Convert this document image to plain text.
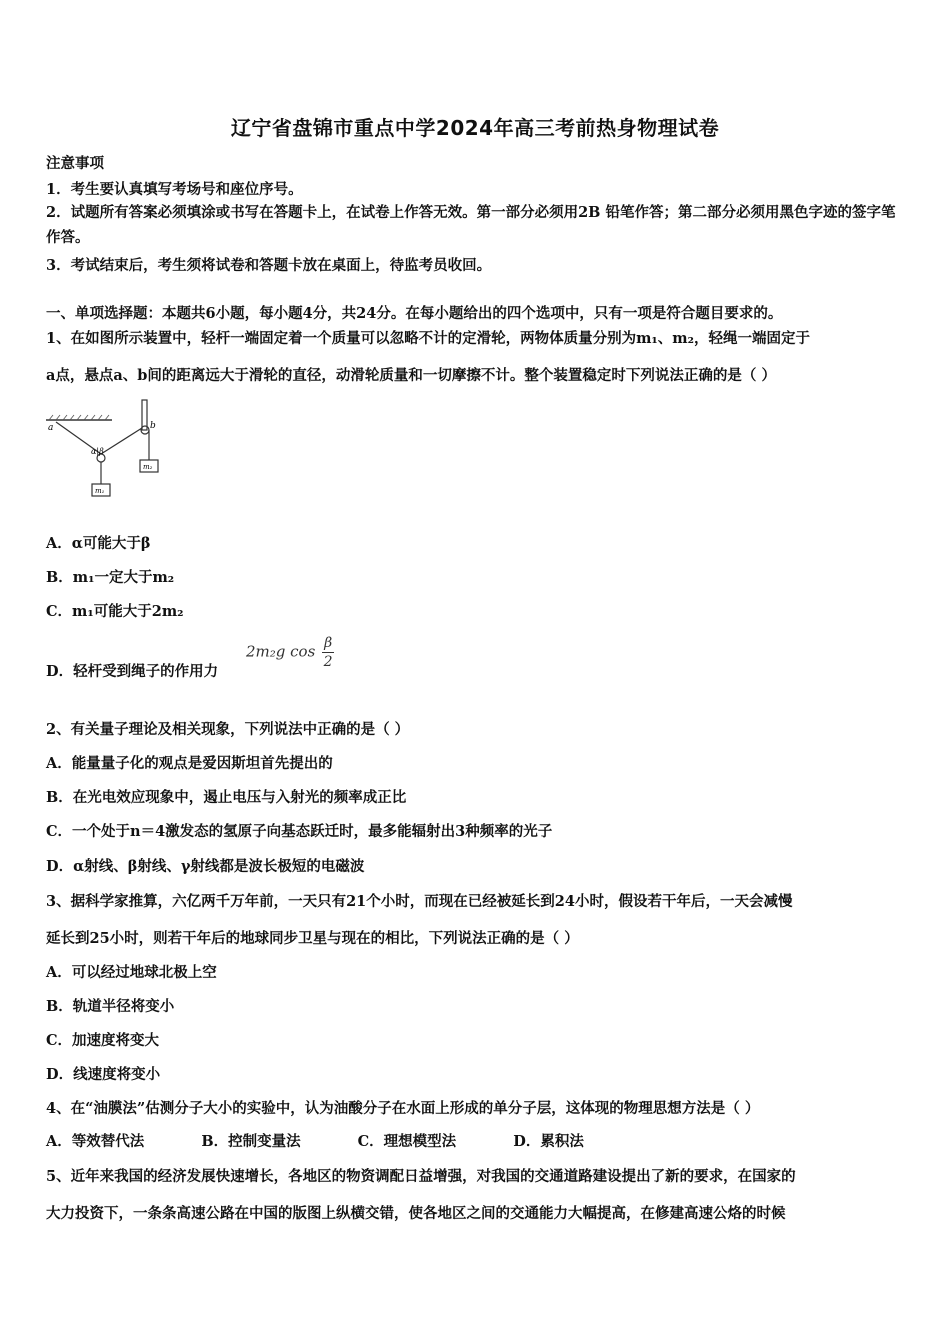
辽宁省盘锦市重点中学2024年高三考前热身物理试卷
注意事项
1．考生要认真填写考场号和座位序号。
2．试题所有答案必须填涂或书写在答题卡上，在试卷上作答无效。第一部分必须用2B 铅笔作答；第二部分必须用黑色字迹的签字笔作答。
3．考试结束后，考生须将试卷和答题卡放在桌面上，待监考员收回。
一、单项选择题：本题共6小题，每小题4分，共24分。在每小题给出的四个选项中，只有一项是符合题目要求的。
1、在如图所示装置中，轻杆一端固定着一个质量可以忽略不计的定滑轮，两物体质量分别为m₁、m₂，轻绳一端固定于
a点，悬点a、b间的距离远大于滑轮的直径，动滑轮质量和一切摩擦不计。整个装置稳定时下列说法正确的是（ ）
a	b
α|β
m₁
m₂
A．α可能大于β
B．m₁一定大于m₂
C．m₁可能大于2m₂
D．轻杆受到绳子的作用力
2m₂g $\cos \frac{\beta}{2}$
2、有关量子理论及相关现象，下列说法中正确的是（ ）
A．能量量子化的观点是爱因斯坦首先提出的
B．在光电效应现象中，遏止电压与入射光的频率成正比
C．一个处于n＝4激发态的氢原子向基态跃迁时，最多能辐射出3种频率的光子
D．α射线、β射线、γ射线都是波长极短的电磁波
3、据科学家推算，六亿两千万年前，一天只有21个小时，而现在已经被延长到24小时，假设若干年后，一天会减慢
延长到25小时，则若干年后的地球同步卫星与现在的相比，下列说法正确的是（ ）
A．可以经过地球北极上空
B．轨道半径将变小
C．加速度将变大
D．线速度将变小
4、在“油膜法”估测分子大小的实验中，认为油酸分子在水面上形成的单分子层，这体现的物理思想方法是（ ）
A．等效替代法	B．控制变量法	C．理想模型法	D．累积法
5、近年来我国的经济发展快速增长，各地区的物资调配日益增强，对我国的交通道路建设提出了新的要求，在国家的
大力投资下，一条条高速公路在中国的版图上纵横交错，使各地区之间的交通能力大幅提高，在修建高速公烙的时候
